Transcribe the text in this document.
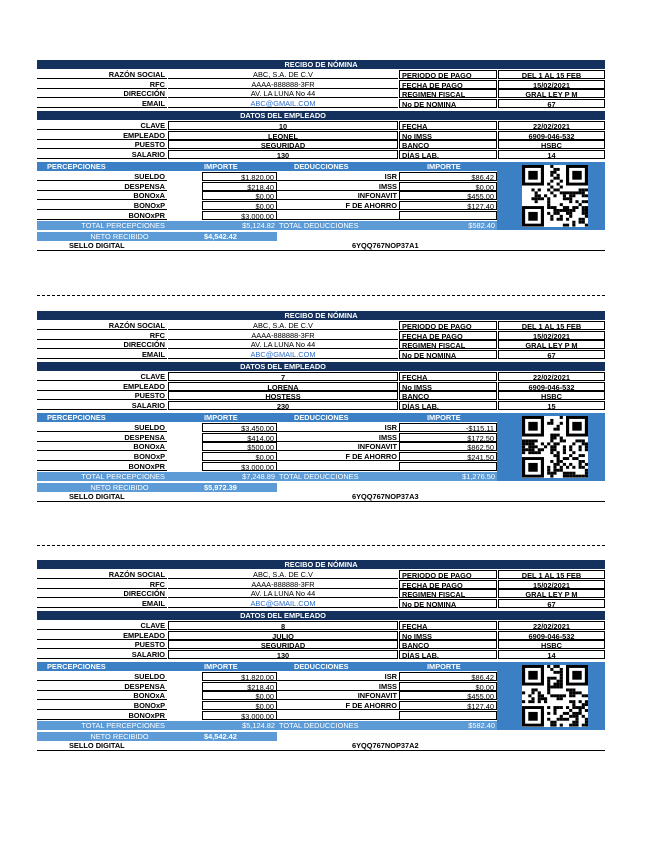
RECIBO DE NÓMINA
RAZÓN SOCIAL	ABC, S.A. DE C.V	PERIODO DE PAGO	DEL 1 AL 15 FEB
RFC	AAAA-888888-3FR	FECHA DE PAGO	15/02/2021
DIRECCIÓN	AV. LA LUNA No 44	REGIMEN FISCAL	GRAL LEY P M
EMAIL	ABC@GMAIL.COM	No DE NOMINA	67
DATOS DEL EMPLEADO
CLAVE	10	FECHA	22/02/2021
EMPLEADO	LEONEL	No IMSS	6909-046-532
PUESTO	SEGURIDAD	BANCO	HSBC
SALARIO	130	DÍAS LAB.	14
PERCEPCIONES	IMPORTE	DEDUCCIONES	IMPORTE
SUELDO	$1,820.00	ISR	$86.42
DESPENSA	$218.40	IMSS	$0.00
BONOxA	$0.00	INFONAVIT	$455.00
BONOxP	$0.00	F DE AHORRO	$127.40
BONOxPR	$3,000.00
TOTAL PERCEPCIONES	$5,124.82 TOTAL DEDUCCIONES	$582.40
NETO RECIBIDO	$4,542.42
SELLO DIGITAL	6YQQ767NOP37A1
RECIBO DE NÓMINA
RAZÓN SOCIAL	ABC, S.A. DE C.V	PERIODO DE PAGO	DEL 1 AL 15 FEB
RFC	AAAA-888888-3FR	FECHA DE PAGO	15/02/2021
DIRECCIÓN	AV. LA LUNA No 44	REGIMEN FISCAL	GRAL LEY P M
EMAIL	ABC@GMAIL.COM	No DE NOMINA	67
DATOS DEL EMPLEADO
CLAVE	7	FECHA	22/02/2021
EMPLEADO	LORENA	No IMSS	6909-046-532
PUESTO	HOSTESS	BANCO	HSBC
SALARIO	230	DÍAS LAB.	15
PERCEPCIONES	IMPORTE	DEDUCCIONES	IMPORTE
SUELDO	$3,450.00	ISR	-$115.11
DESPENSA	$414.00	IMSS	$172.50
BONOxA	$500.00	INFONAVIT	$862.50
BONOxP	$0.00	F DE AHORRO	$241.50
BONOxPR	$3,000.00
TOTAL PERCEPCIONES	$7,248.89 TOTAL DEDUCCIONES	$1,276.50
NETO RECIBIDO	$5,972.39
SELLO DIGITAL	6YQQ767NOP37A3
RECIBO DE NÓMINA
RAZÓN SOCIAL	ABC, S.A. DE C.V	PERIODO DE PAGO	DEL 1 AL 15 FEB
RFC	AAAA-888888-3FR	FECHA DE PAGO	15/02/2021
DIRECCIÓN	AV. LA LUNA No 44	REGIMEN FISCAL	GRAL LEY P M
EMAIL	ABC@GMAIL.COM	No DE NOMINA	67
DATOS DEL EMPLEADO
CLAVE	8	FECHA	22/02/2021
EMPLEADO	JULIO	No IMSS	6909-046-532
PUESTO	SEGURIDAD	BANCO	HSBC
SALARIO	130	DÍAS LAB.	14
PERCEPCIONES	IMPORTE	DEDUCCIONES	IMPORTE
SUELDO	$1,820.00	ISR	$86.42
DESPENSA	$218.40	IMSS	$0.00
BONOxA	$0.00	INFONAVIT	$455.00
BONOxP	$0.00	F DE AHORRO	$127.40
BONOxPR	$3,000.00
TOTAL PERCEPCIONES	$5,124.82 TOTAL DEDUCCIONES	$582.40
NETO RECIBIDO	$4,542.42
SELLO DIGITAL	6YQQ767NOP37A2
